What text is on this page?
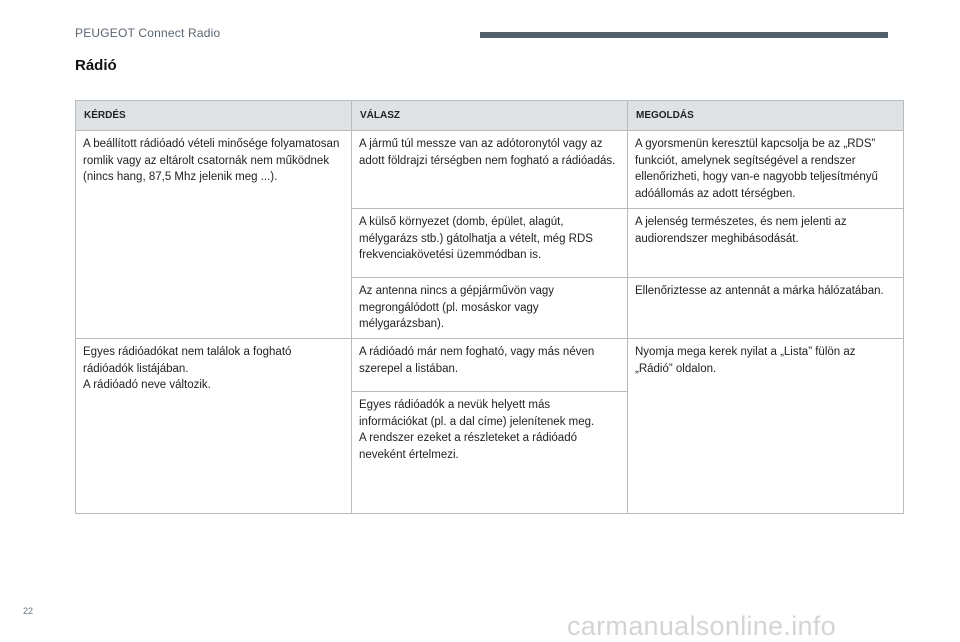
PEUGEOT Connect Radio
Rádió
KÉRDÉS	VÁLASZ	MEGOLDÁS

A beállított rádióadó vételi minősége folyamatosan romlik vagy az eltárolt csatornák nem működnek (nincs hang, 87,5 Mhz jelenik meg ...).	A jármű túl messze van az adótoronytól vagy az adott földrajzi térségben nem fogható a rádióadás.	A gyorsmenün keresztül kapcsolja be az „RDS” funkciót, amelynek segítségével a rendszer ellenőrizheti, hogy van-e nagyobb teljesítményű adóállomás az adott térségben.

	A külső környezet (domb, épület, alagút, mélygarázs stb.) gátolhatja a vételt, még RDS frekvenciakövetési üzemmódban is.	A jelenség természetes, és nem jelenti az audiorendszer meghibásodását.

	Az antenna nincs a gépjárművön vagy megrongálódott (pl. mosáskor vagy mélygarázsban).	Ellenőriztesse az antennát a márka hálózatában.

Egyes rádióadókat nem találok a fogható rádióadók listájában.
A rádióadó neve változik.	A rádióadó már nem fogható, vagy más néven szerepel a listában.	Nyomja mega kerek nyilat a „Lista” fülön az „Rádió” oldalon.

	Egyes rádióadók a nevük helyett más információkat (pl. a dal címe) jelenítenek meg.
A rendszer ezeket a részleteket a rádióadó neveként értelmezi.	
22	carmanualsonline.info
